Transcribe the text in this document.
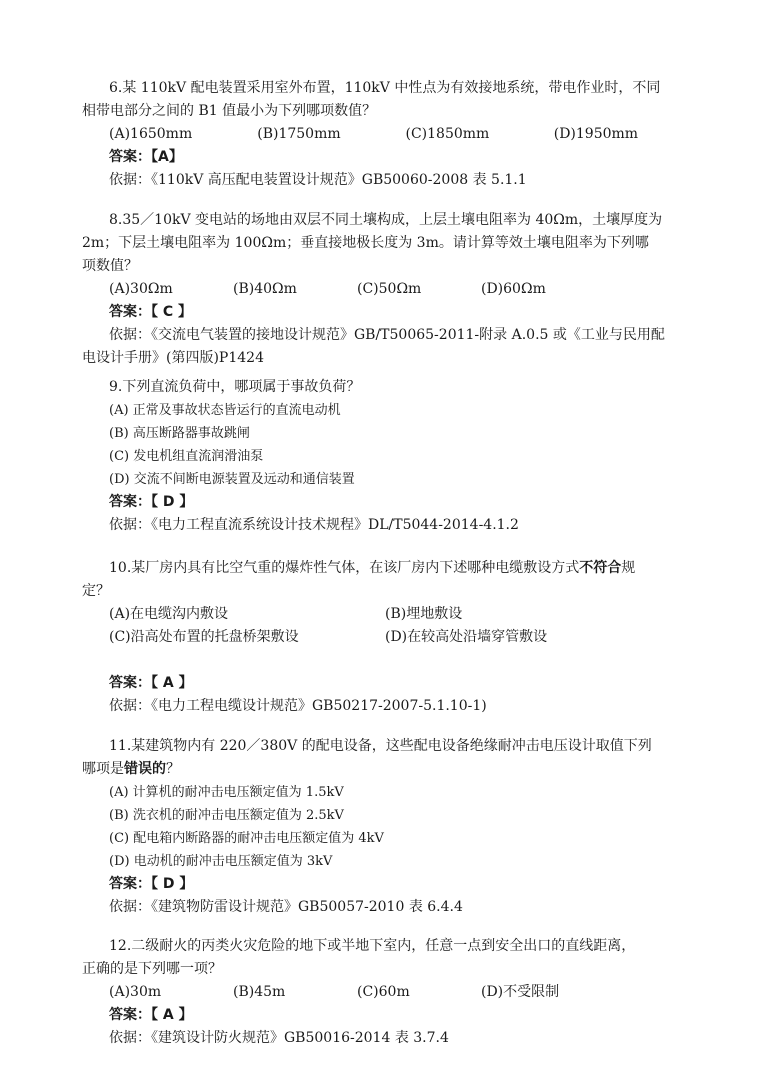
6.某 110kV 配电装置采用室外布置，110kV 中性点为有效接地系统，带电作业时，不同
相带电部分之间的 B1 值最小为下列哪项数值？
(A)1650mm	(B)1750mm	(C)1850mm	(D)1950mm
答案：【A】
依据：《110kV 高压配电装置设计规范》GB50060-2008 表 5.1.1
8.35／10kV 变电站的场地由双层不同土壤构成，上层土壤电阻率为 40Ωm，土壤厚度为
2m；下层土壤电阻率为 100Ωm；垂直接地极长度为 3m。请计算等效土壤电阻率为下列哪
项数值？
(A)30Ωm	(B)40Ωm	(C)50Ωm	(D)60Ωm
答案：【 C 】
依据：《交流电气装置的接地设计规范》GB/T50065-2011-附录 A.0.5 或《工业与民用配
电设计手册》(第四版)P1424
9.下列直流负荷中，哪项属于事故负荷？
(A) 正常及事故状态皆运行的直流电动机
(B) 高压断路器事故跳闸
(C) 发电机组直流润滑油泵
(D) 交流不间断电源装置及远动和通信装置
答案：【 D 】
依据：《电力工程直流系统设计技术规程》DL/T5044-2014-4.1.2
10.某厂房内具有比空气重的爆炸性气体，在该厂房内下述哪种电缆敷设方式不符合规
定？
(A)在电缆沟内敷设	(B)埋地敷设
(C)沿高处布置的托盘桥架敷设	(D)在较高处沿墙穿管敷设
答案：【 A 】
依据：《电力工程电缆设计规范》GB50217-2007-5.1.10-1)
11.某建筑物内有 220／380V 的配电设备，这些配电设备绝缘耐冲击电压设计取值下列
哪项是错误的？
(A) 计算机的耐冲击电压额定值为 1.5kV
(B) 洗衣机的耐冲击电压额定值为 2.5kV
(C) 配电箱内断路器的耐冲击电压额定值为 4kV
(D) 电动机的耐冲击电压额定值为 3kV
答案：【 D 】
依据：《建筑物防雷设计规范》GB50057-2010 表 6.4.4
12.二级耐火的丙类火灾危险的地下或半地下室内，任意一点到安全出口的直线距离，
正确的是下列哪一项？
(A)30m	(B)45m	(C)60m	(D)不受限制
答案：【 A 】
依据：《建筑设计防火规范》GB50016-2014 表 3.7.4
